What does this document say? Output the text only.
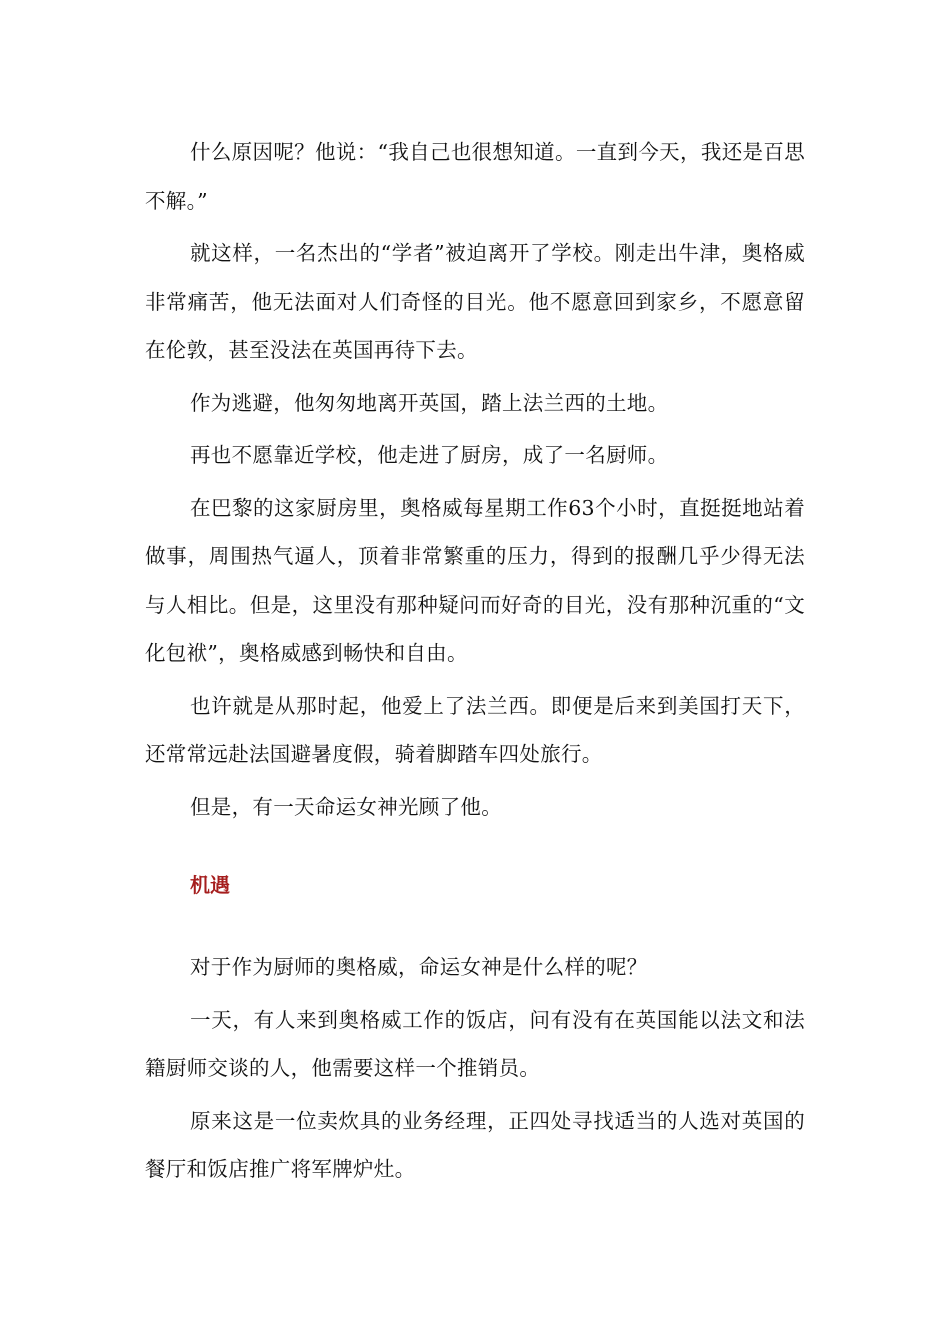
什么原因呢？他说：“我自己也很想知道。一直到今天，我还是百思不解。”

就这样，一名杰出的“学者”被迫离开了学校。刚走出牛津，奥格威非常痛苦，他无法面对人们奇怪的目光。他不愿意回到家乡，不愿意留在伦敦，甚至没法在英国再待下去。

作为逃避，他匆匆地离开英国，踏上法兰西的土地。

再也不愿靠近学校，他走进了厨房，成了一名厨师。

在巴黎的这家厨房里，奥格威每星期工作63个小时，直挺挺地站着做事，周围热气逼人，顶着非常繁重的压力，得到的报酬几乎少得无法与人相比。但是，这里没有那种疑问而好奇的目光，没有那种沉重的“文化包袱”，奥格威感到畅快和自由。

也许就是从那时起，他爱上了法兰西。即便是后来到美国打天下，还常常远赴法国避暑度假，骑着脚踏车四处旅行。

但是，有一天命运女神光顾了他。

机遇

对于作为厨师的奥格威，命运女神是什么样的呢？

一天，有人来到奥格威工作的饭店，问有没有在英国能以法文和法籍厨师交谈的人，他需要这样一个推销员。

原来这是一位卖炊具的业务经理，正四处寻找适当的人选对英国的餐厅和饭店推广将军牌炉灶。
